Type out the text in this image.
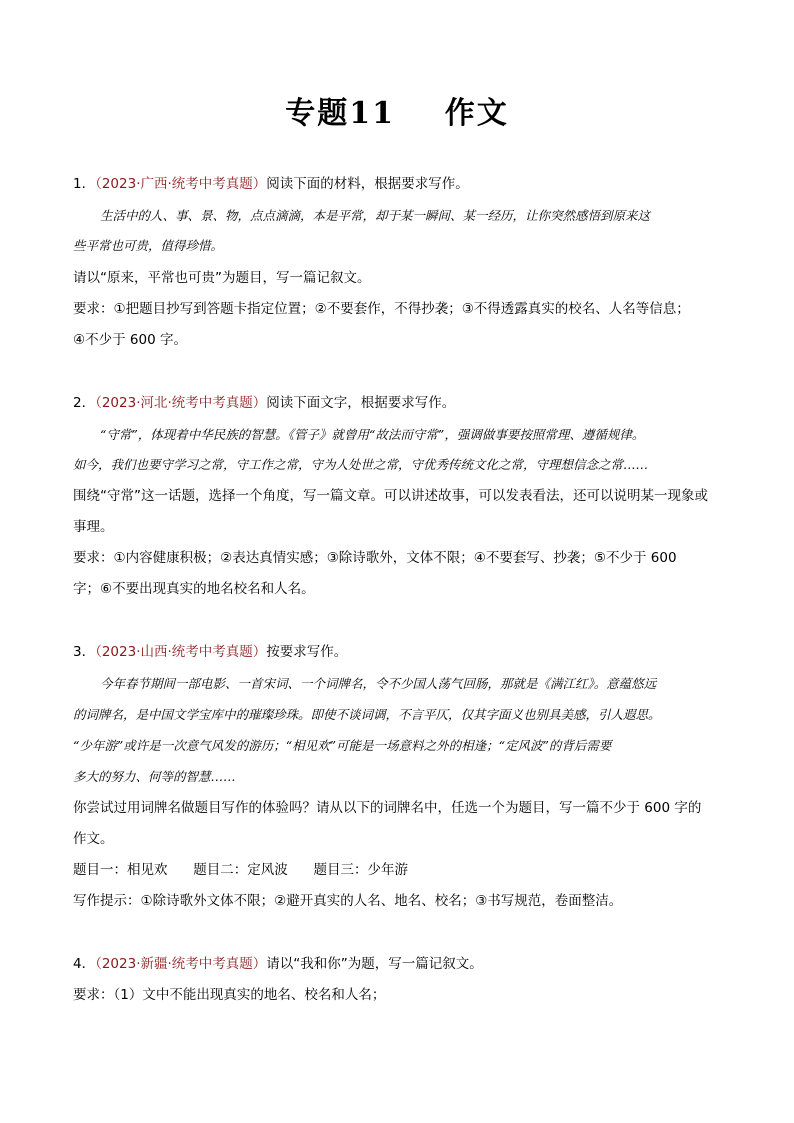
专题11    作文
1．（2023·广西·统考中考真题）阅读下面的材料，根据要求写作。
生活中的人、事、景、物，点点滴滴，本是平常，却于某一瞬间、某一经历，让你突然感悟到原来这
些平常也可贵，值得珍惜。
请以“原来，平常也可贵”为题目，写一篇记叙文。
要求：①把题目抄写到答题卡指定位置；②不要套作，不得抄袭；③不得透露真实的校名、人名等信息；
④不少于 600 字。
2．（2023·河北·统考中考真题）阅读下面文字，根据要求写作。
“守常”，体现着中华民族的智慧。《管子》就曾用“故法而守常”，强调做事要按照常理、遵循规律。
如今，我们也要守学习之常，守工作之常，守为人处世之常，守优秀传统文化之常，守理想信念之常……
围绕“守常”这一话题，选择一个角度，写一篇文章。可以讲述故事，可以发表看法，还可以说明某一现象或
事理。
要求：①内容健康积极；②表达真情实感；③除诗歌外，文体不限；④不要套写、抄袭；⑤不少于 600
字；⑥不要出现真实的地名校名和人名。
3．（2023·山西·统考中考真题）按要求写作。
今年春节期间一部电影、一首宋词、一个词牌名，令不少国人荡气回肠，那就是《满江红》。意蕴悠远
的词牌名，是中国文学宝库中的璀璨珍珠。即使不谈词调，不言平仄，仅其字面义也别具美感，引人遐思。
“少年游”或许是一次意气风发的游历；“相见欢”可能是一场意料之外的相逢；“定风波”的背后需要
多大的努力、何等的智慧……
你尝试过用词牌名做题目写作的体验吗？请从以下的词牌名中，任选一个为题目，写一篇不少于 600 字的
作文。
题目一：相见欢      题目二：定风波      题目三：少年游
写作提示：①除诗歌外文体不限；②避开真实的人名、地名、校名；③书写规范，卷面整洁。
4．（2023·新疆·统考中考真题）请以“我和你”为题，写一篇记叙文。
要求：（1）文中不能出现真实的地名、校名和人名；
